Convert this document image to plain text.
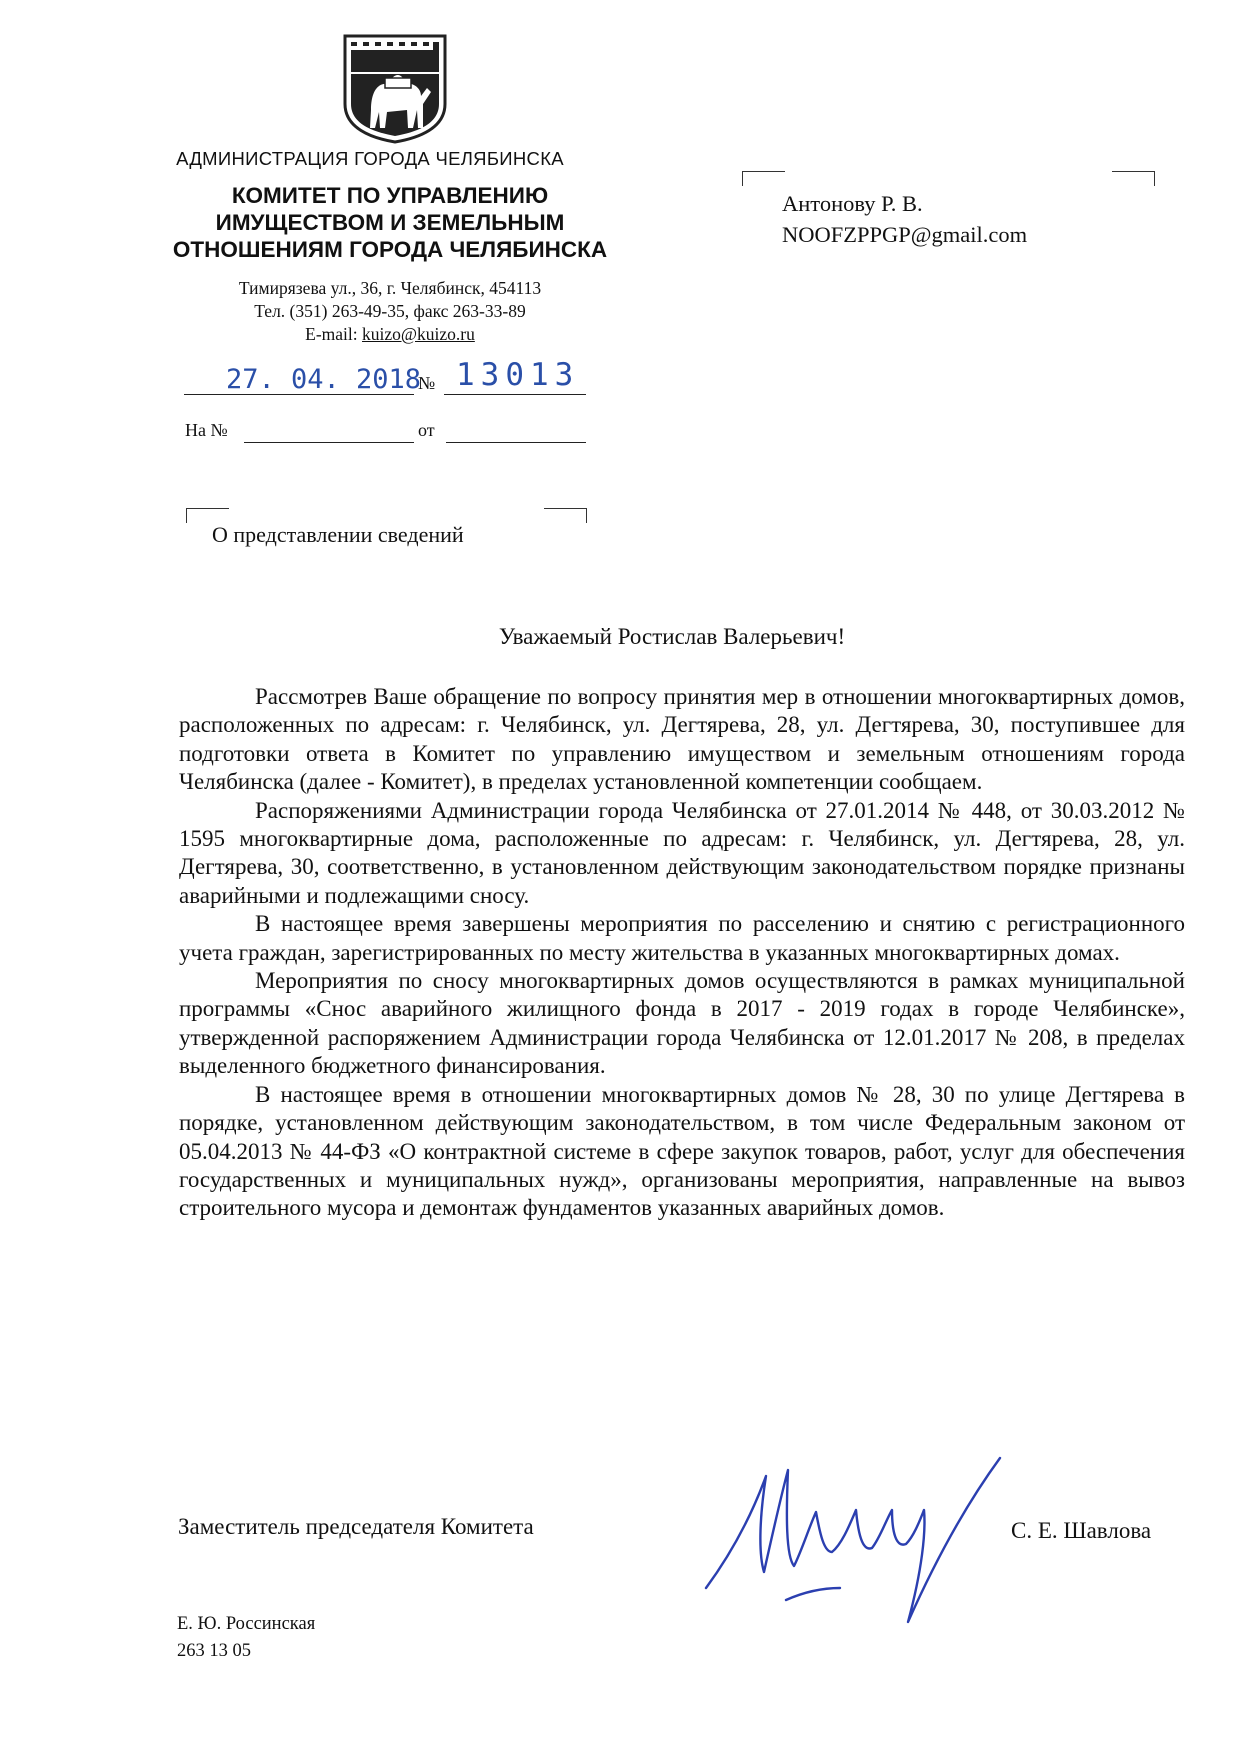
АДМИНИСТРАЦИЯ ГОРОДА ЧЕЛЯБИНСКА
КОМИТЕТ ПО УПРАВЛЕНИЮ
ИМУЩЕСТВОМ И ЗЕМЕЛЬНЫМ
ОТНОШЕНИЯМ ГОРОДА ЧЕЛЯБИНСКА
Тимирязева ул., 36, г. Челябинск, 454113
Тел. (351) 263-49-35, факс 263-33-89
E-mail: kuizo@kuizo.ru
27. 04. 2018
№ 13013
На №	от
Антонову Р. В.
NOOFZPPGP@gmail.com
О представлении сведений
Уважаемый Ростислав Валерьевич!

Рассмотрев Ваше обращение по вопросу принятия мер в отношении многоквартирных домов, расположенных по адресам: г. Челябинск, ул. Дегтярева, 28, ул. Дегтярева, 30, поступившее для подготовки ответа в Комитет по управлению имуществом и земельным отношениям города Челябинска (далее - Комитет), в пределах установленной компетенции сообщаем.

Распоряжениями Администрации города Челябинска от 27.01.2014 № 448, от 30.03.2012 № 1595 многоквартирные дома, расположенные по адресам: г. Челябинск, ул. Дегтярева, 28, ул. Дегтярева, 30, соответственно, в установленном действующим законодательством порядке признаны аварийными и подлежащими сносу.

В настоящее время завершены мероприятия по расселению и снятию с регистрационного учета граждан, зарегистрированных по месту жительства в указанных многоквартирных домах.

Мероприятия по сносу многоквартирных домов осуществляются в рамках муниципальной программы «Снос аварийного жилищного фонда в 2017 - 2019 годах в городе Челябинске», утвержденной распоряжением Администрации города Челябинска от 12.01.2017 № 208, в пределах выделенного бюджетного финансирования.

В настоящее время в отношении многоквартирных домов № 28, 30 по улице Дегтярева в порядке, установленном действующим законодательством, в том числе Федеральным законом от 05.04.2013 № 44-ФЗ «О контрактной системе в сфере закупок товаров, работ, услуг для обеспечения государственных и муниципальных нужд», организованы мероприятия, направленные на вывоз строительного мусора и демонтаж фундаментов указанных аварийных домов.

Заместитель председателя Комитета	С. Е. Шавлова
Е. Ю. Россинская
263 13 05
